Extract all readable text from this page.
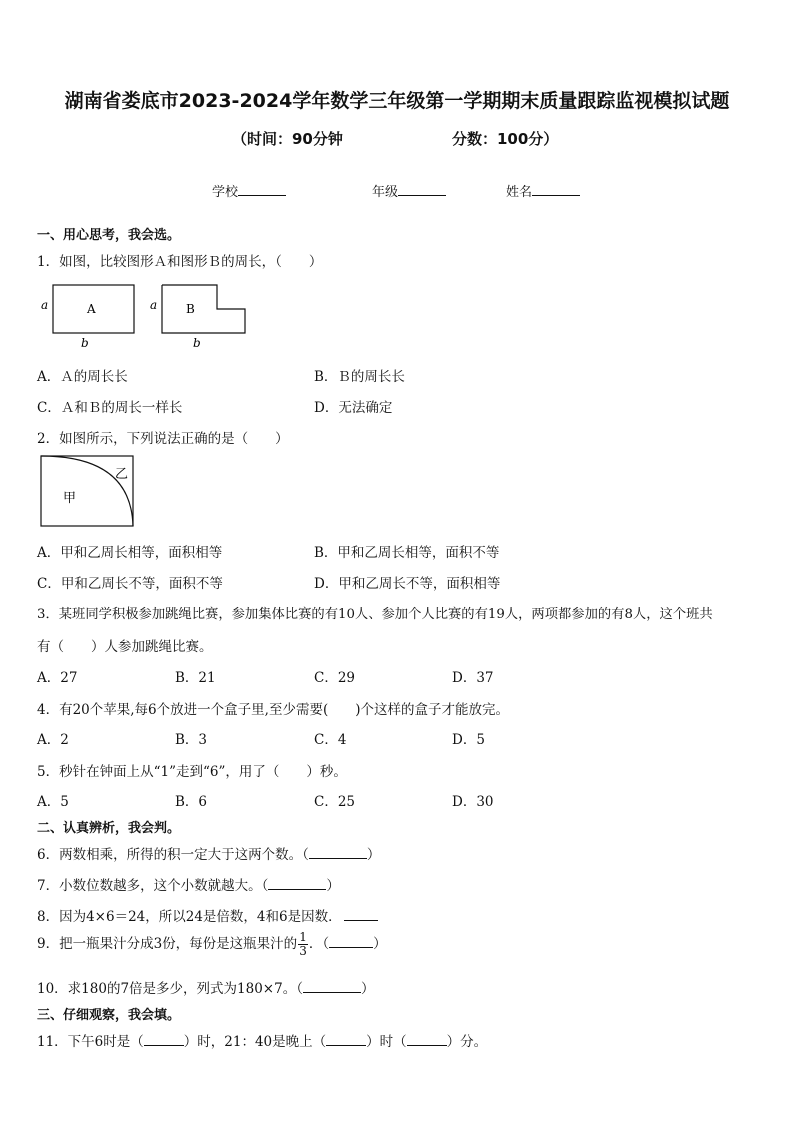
湖南省娄底市2023-2024学年数学三年级第一学期期末质量跟踪监视模拟试题
（时间：90分钟	分数：100分）
学校	年级	姓名
一、用心思考，我会选。
1．如图，比较图形Ａ和图形Ｂ的周长，（　　）
A
a
b
B
a
b
A．Ａ的周长长	B．Ｂ的周长长
C．Ａ和Ｂ的周长一样长	D．无法确定
2．如图所示，下列说法正确的是（　　）
甲
乙
A．甲和乙周长相等，面积相等	B．甲和乙周长相等，面积不等
C．甲和乙周长不等，面积不等	D．甲和乙周长不等，面积相等
3．某班同学积极参加跳绳比赛，参加集体比赛的有10人、参加个人比赛的有19人，两项都参加的有8人，这个班共
有（　　）人参加跳绳比赛。
A．27	B．21	C．29	D．37
4．有20个苹果,每6个放进一个盒子里,至少需要(　　)个这样的盒子才能放完。
A．2	B．3	C．4	D．5
5．秒针在钟面上从“1”走到“6”，用了（　　）秒。
A．5	B．6	C．25	D．30
二、认真辨析，我会判。
6．两数相乘，所得的积一定大于这两个数。（	）
7．小数位数越多，这个小数就越大。（	）
8．因为4×6＝24，所以24是倍数，4和6是因数．
9．把一瓶果汁分成3份，每份是这瓶果汁的 $\frac{1}{3}$ ．（	）
10．求180的7倍是多少，列式为180×7。（	）
三、仔细观察，我会填。
11．下午6时是（	）时，21：40是晚上（	）时（	）分。
